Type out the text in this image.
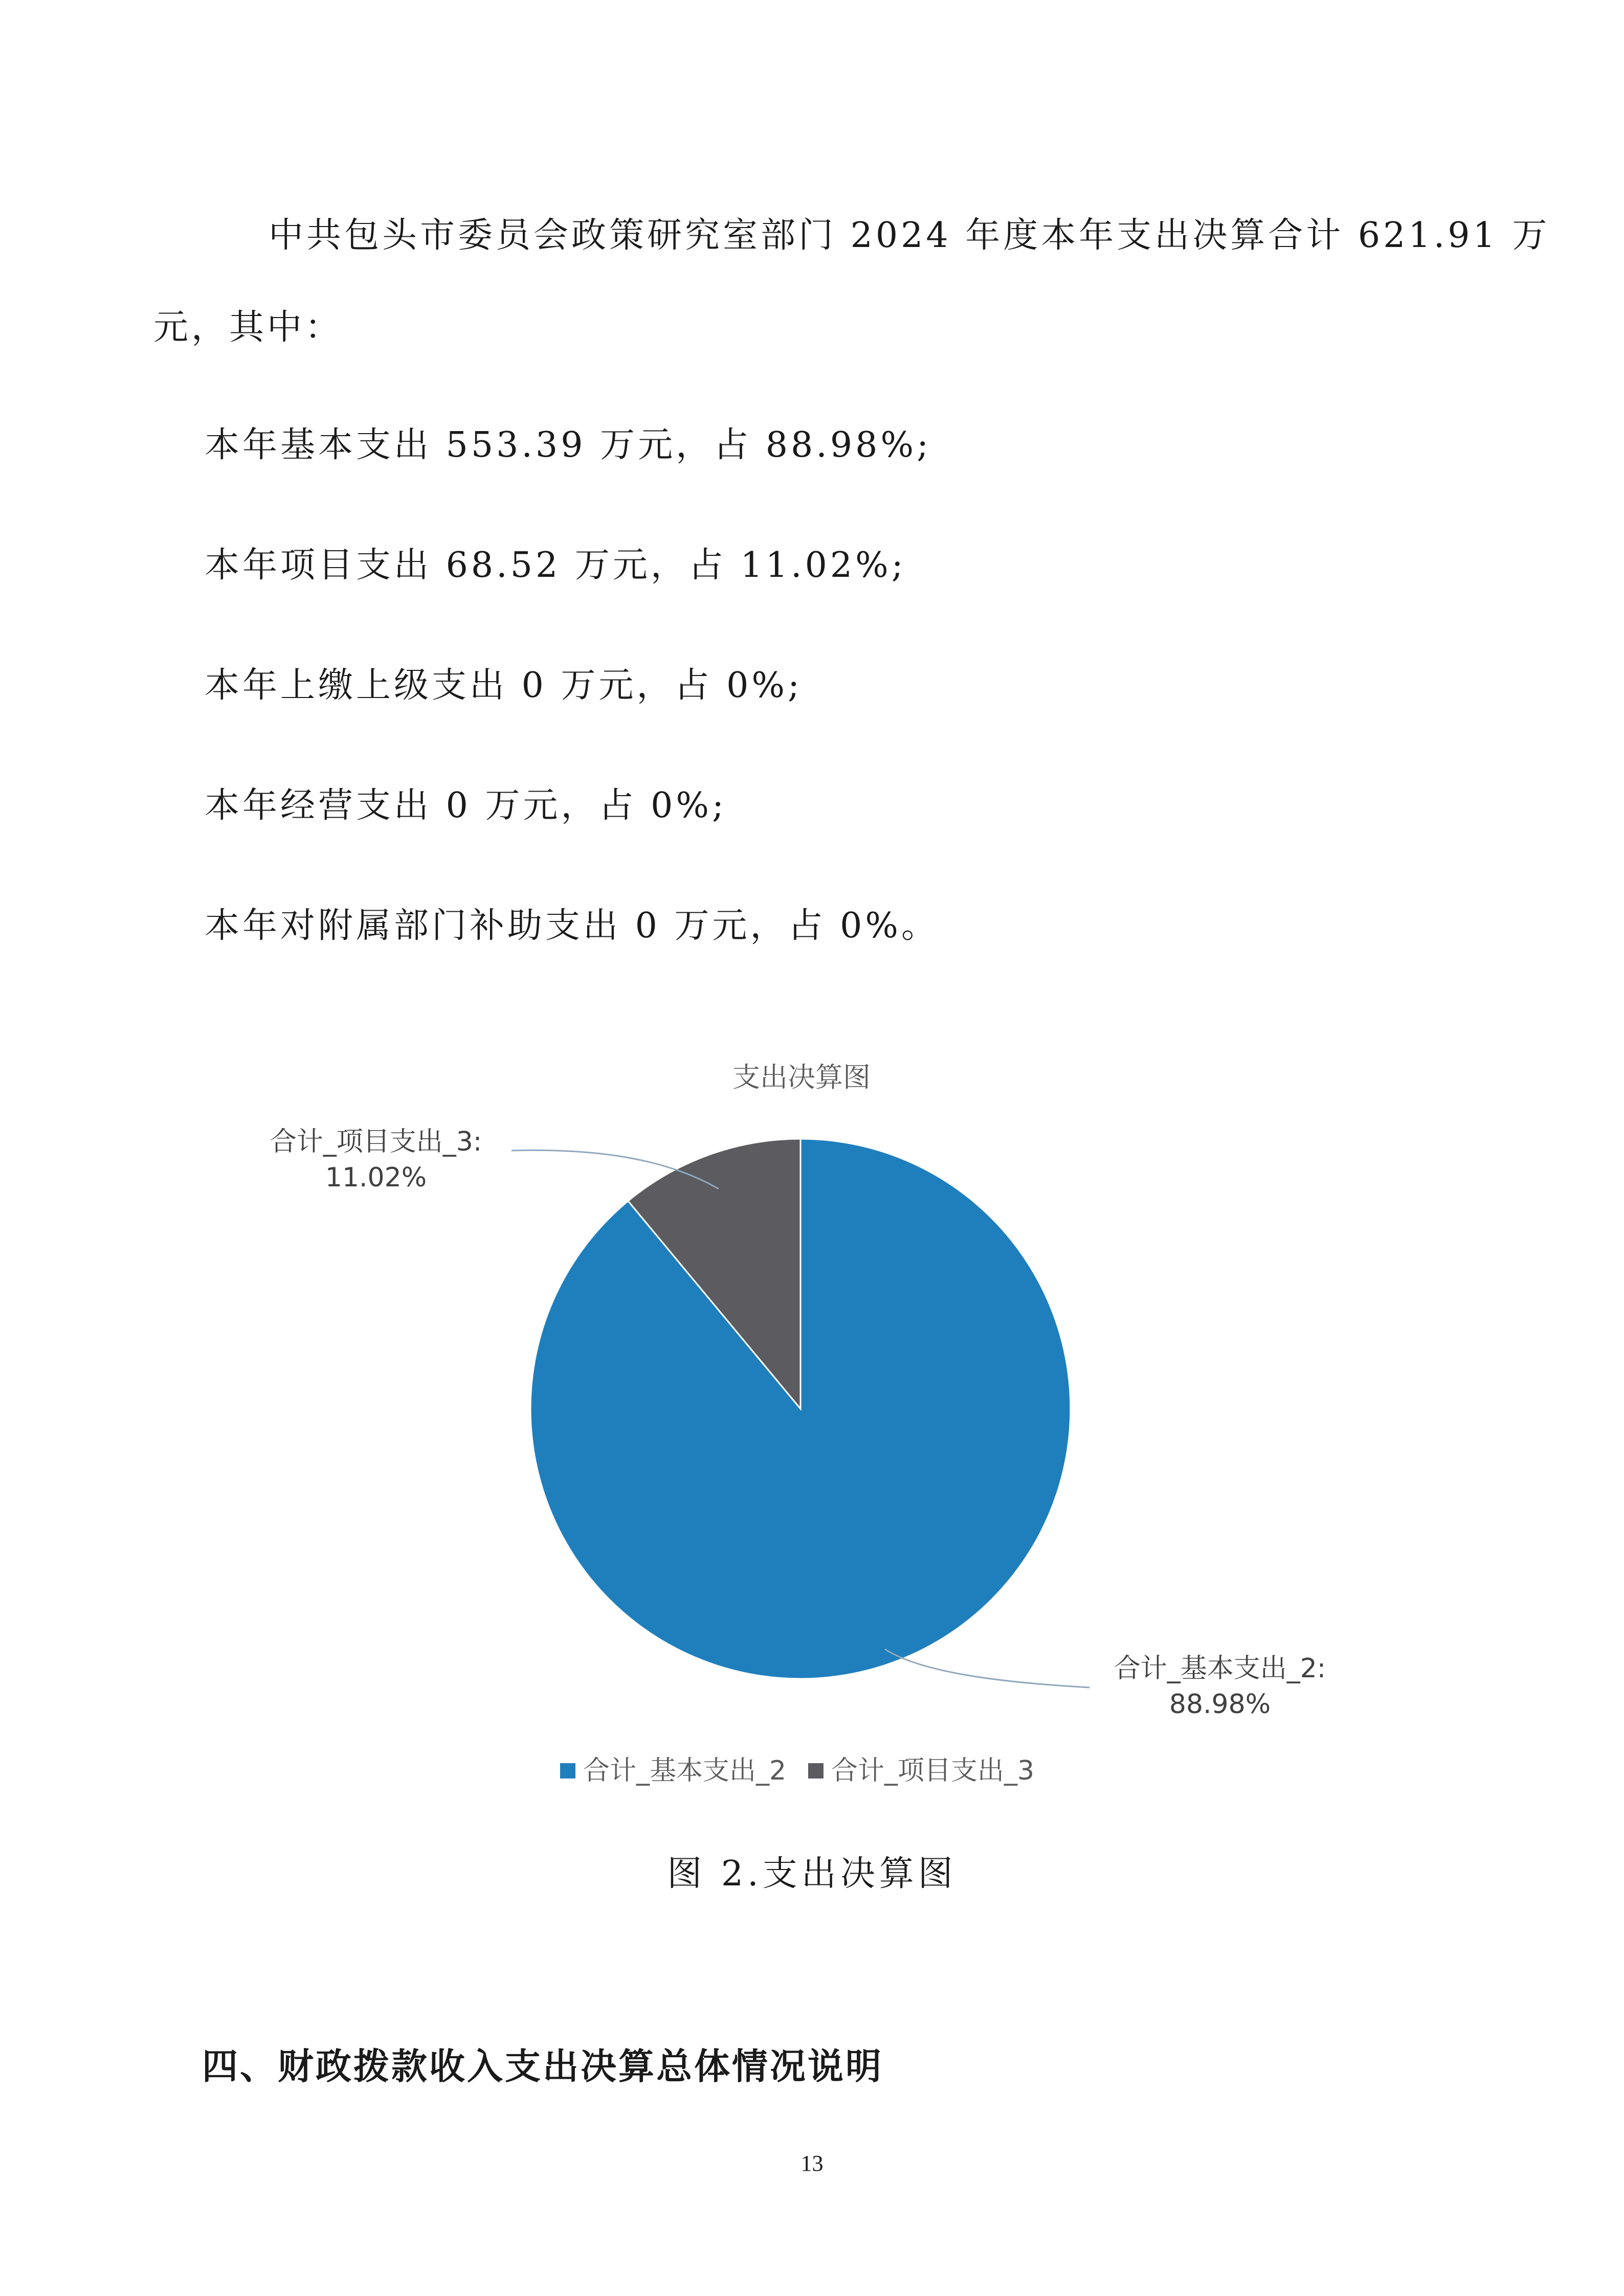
中共包头市委员会政策研究室部门 2024 年度本年支出决算合计 621.91 万

元，其中：

本年基本支出 553.39 万元，占 88.98%;

本年项目支出 68.52 万元，占 11.02%;

本年上缴上级支出 0 万元，占 0%;

本年经营支出 0 万元，占 0%;

本年对附属部门补助支出 0 万元，占 0%。

支出决算图
合计_项目支出_3:
11.02%
合计_基本支出_2:
88.98%
合计_基本支出_2 合计_项目支出_3

图 2.支出决算图

四、财政拨款收入支出决算总体情况说明

13
